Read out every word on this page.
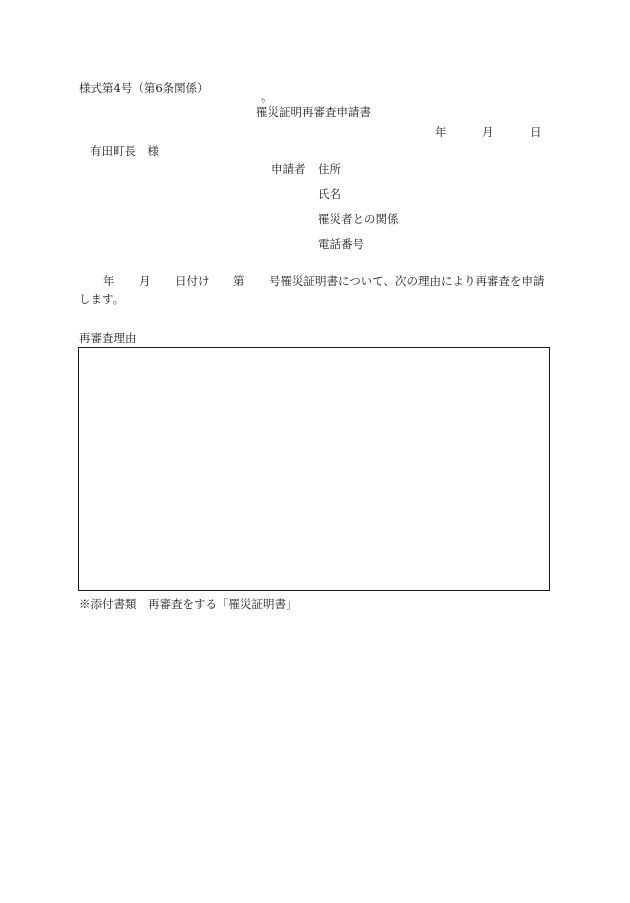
様式第4号（第6条関係）
り
罹災証明再審査申請書
年	月	日
有田町長　様
申請者 住所
氏名
罹災者との関係
電話番号
年 月 日付け 第 号罹災証明書について、次の理由により再審査を申請
します。
再審査理由
※添付書類　再審査をする「罹災証明書」
